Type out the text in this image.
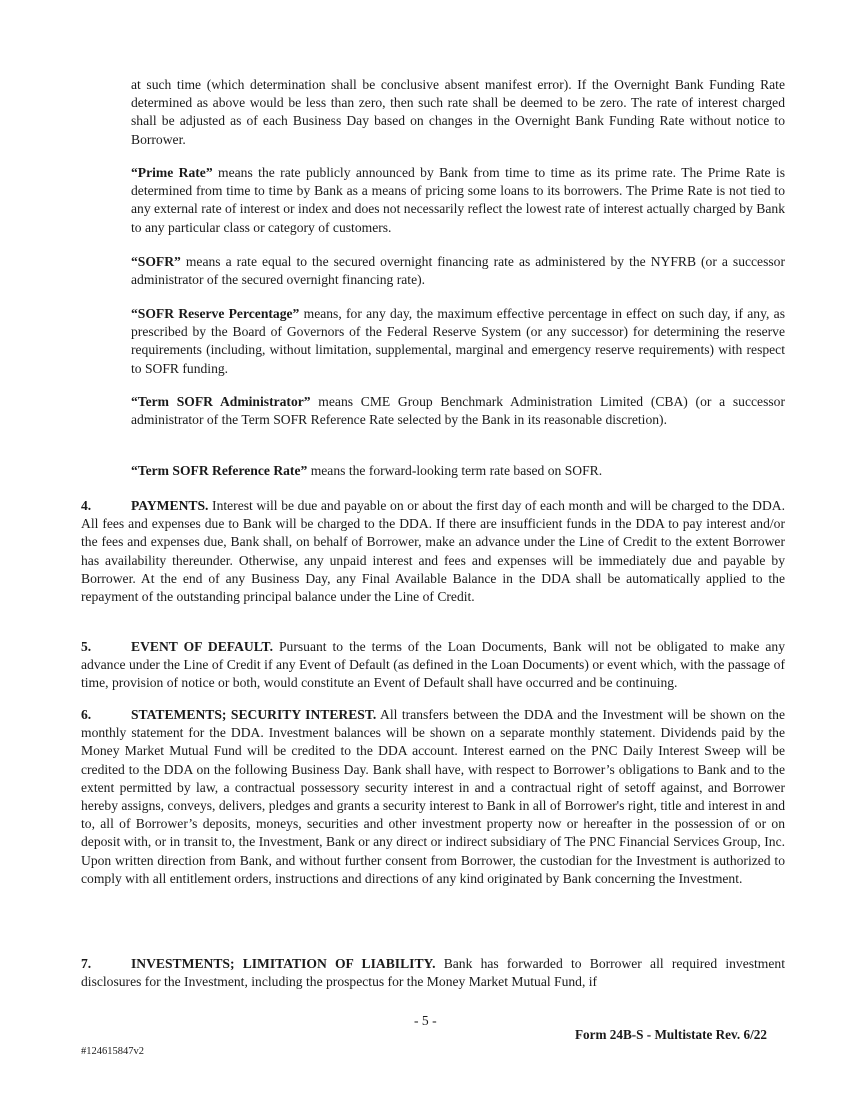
at such time (which determination shall be conclusive absent manifest error). If the Overnight Bank Funding Rate determined as above would be less than zero, then such rate shall be deemed to be zero. The rate of interest charged shall be adjusted as of each Business Day based on changes in the Overnight Bank Funding Rate without notice to Borrower.

“Prime Rate” means the rate publicly announced by Bank from time to time as its prime rate. The Prime Rate is determined from time to time by Bank as a means of pricing some loans to its borrowers. The Prime Rate is not tied to any external rate of interest or index and does not necessarily reflect the lowest rate of interest actually charged by Bank to any particular class or category of customers.

“SOFR” means a rate equal to the secured overnight financing rate as administered by the NYFRB (or a successor administrator of the secured overnight financing rate).

“SOFR Reserve Percentage” means, for any day, the maximum effective percentage in effect on such day, if any, as prescribed by the Board of Governors of the Federal Reserve System (or any successor) for determining the reserve requirements (including, without limitation, supplemental, marginal and emergency reserve requirements) with respect to SOFR funding.

“Term SOFR Administrator” means CME Group Benchmark Administration Limited (CBA) (or a successor administrator of the Term SOFR Reference Rate selected by the Bank in its reasonable discretion).

“Term SOFR Reference Rate” means the forward-looking term rate based on SOFR.

4.	PAYMENTS. Interest will be due and payable on or about the first day of each month and will be charged to the DDA. All fees and expenses due to Bank will be charged to the DDA. If there are insufficient funds in the DDA to pay interest and/or the fees and expenses due, Bank shall, on behalf of Borrower, make an advance under the Line of Credit to the extent Borrower has availability thereunder. Otherwise, any unpaid interest and fees and expenses will be immediately due and payable by Borrower. At the end of any Business Day, any Final Available Balance in the DDA shall be automatically applied to the repayment of the outstanding principal balance under the Line of Credit.

5.	EVENT OF DEFAULT. Pursuant to the terms of the Loan Documents, Bank will not be obligated to make any advance under the Line of Credit if any Event of Default (as defined in the Loan Documents) or event which, with the passage of time, provision of notice or both, would constitute an Event of Default shall have occurred and be continuing.

6.	STATEMENTS; SECURITY INTEREST. All transfers between the DDA and the Investment will be shown on the monthly statement for the DDA. Investment balances will be shown on a separate monthly statement. Dividends paid by the Money Market Mutual Fund will be credited to the DDA account. Interest earned on the PNC Daily Interest Sweep will be credited to the DDA on the following Business Day. Bank shall have, with respect to Borrower’s obligations to Bank and to the extent permitted by law, a contractual possessory security interest in and a contractual right of setoff against, and Borrower hereby assigns, conveys, delivers, pledges and grants a security interest to Bank in all of Borrower's right, title and interest in and to, all of Borrower’s deposits, moneys, securities and other investment property now or hereafter in the possession of or on deposit with, or in transit to, the Investment, Bank or any direct or indirect subsidiary of The PNC Financial Services Group, Inc. Upon written direction from Bank, and without further consent from Borrower, the custodian for the Investment is authorized to comply with all entitlement orders, instructions and directions of any kind originated by Bank concerning the Investment.

7.	INVESTMENTS; LIMITATION OF LIABILITY. Bank has forwarded to Borrower all required investment disclosures for the Investment, including the prospectus for the Money Market Mutual Fund, if

- 5 -
Form 24B-S - Multistate Rev. 6/22
#124615847v2
